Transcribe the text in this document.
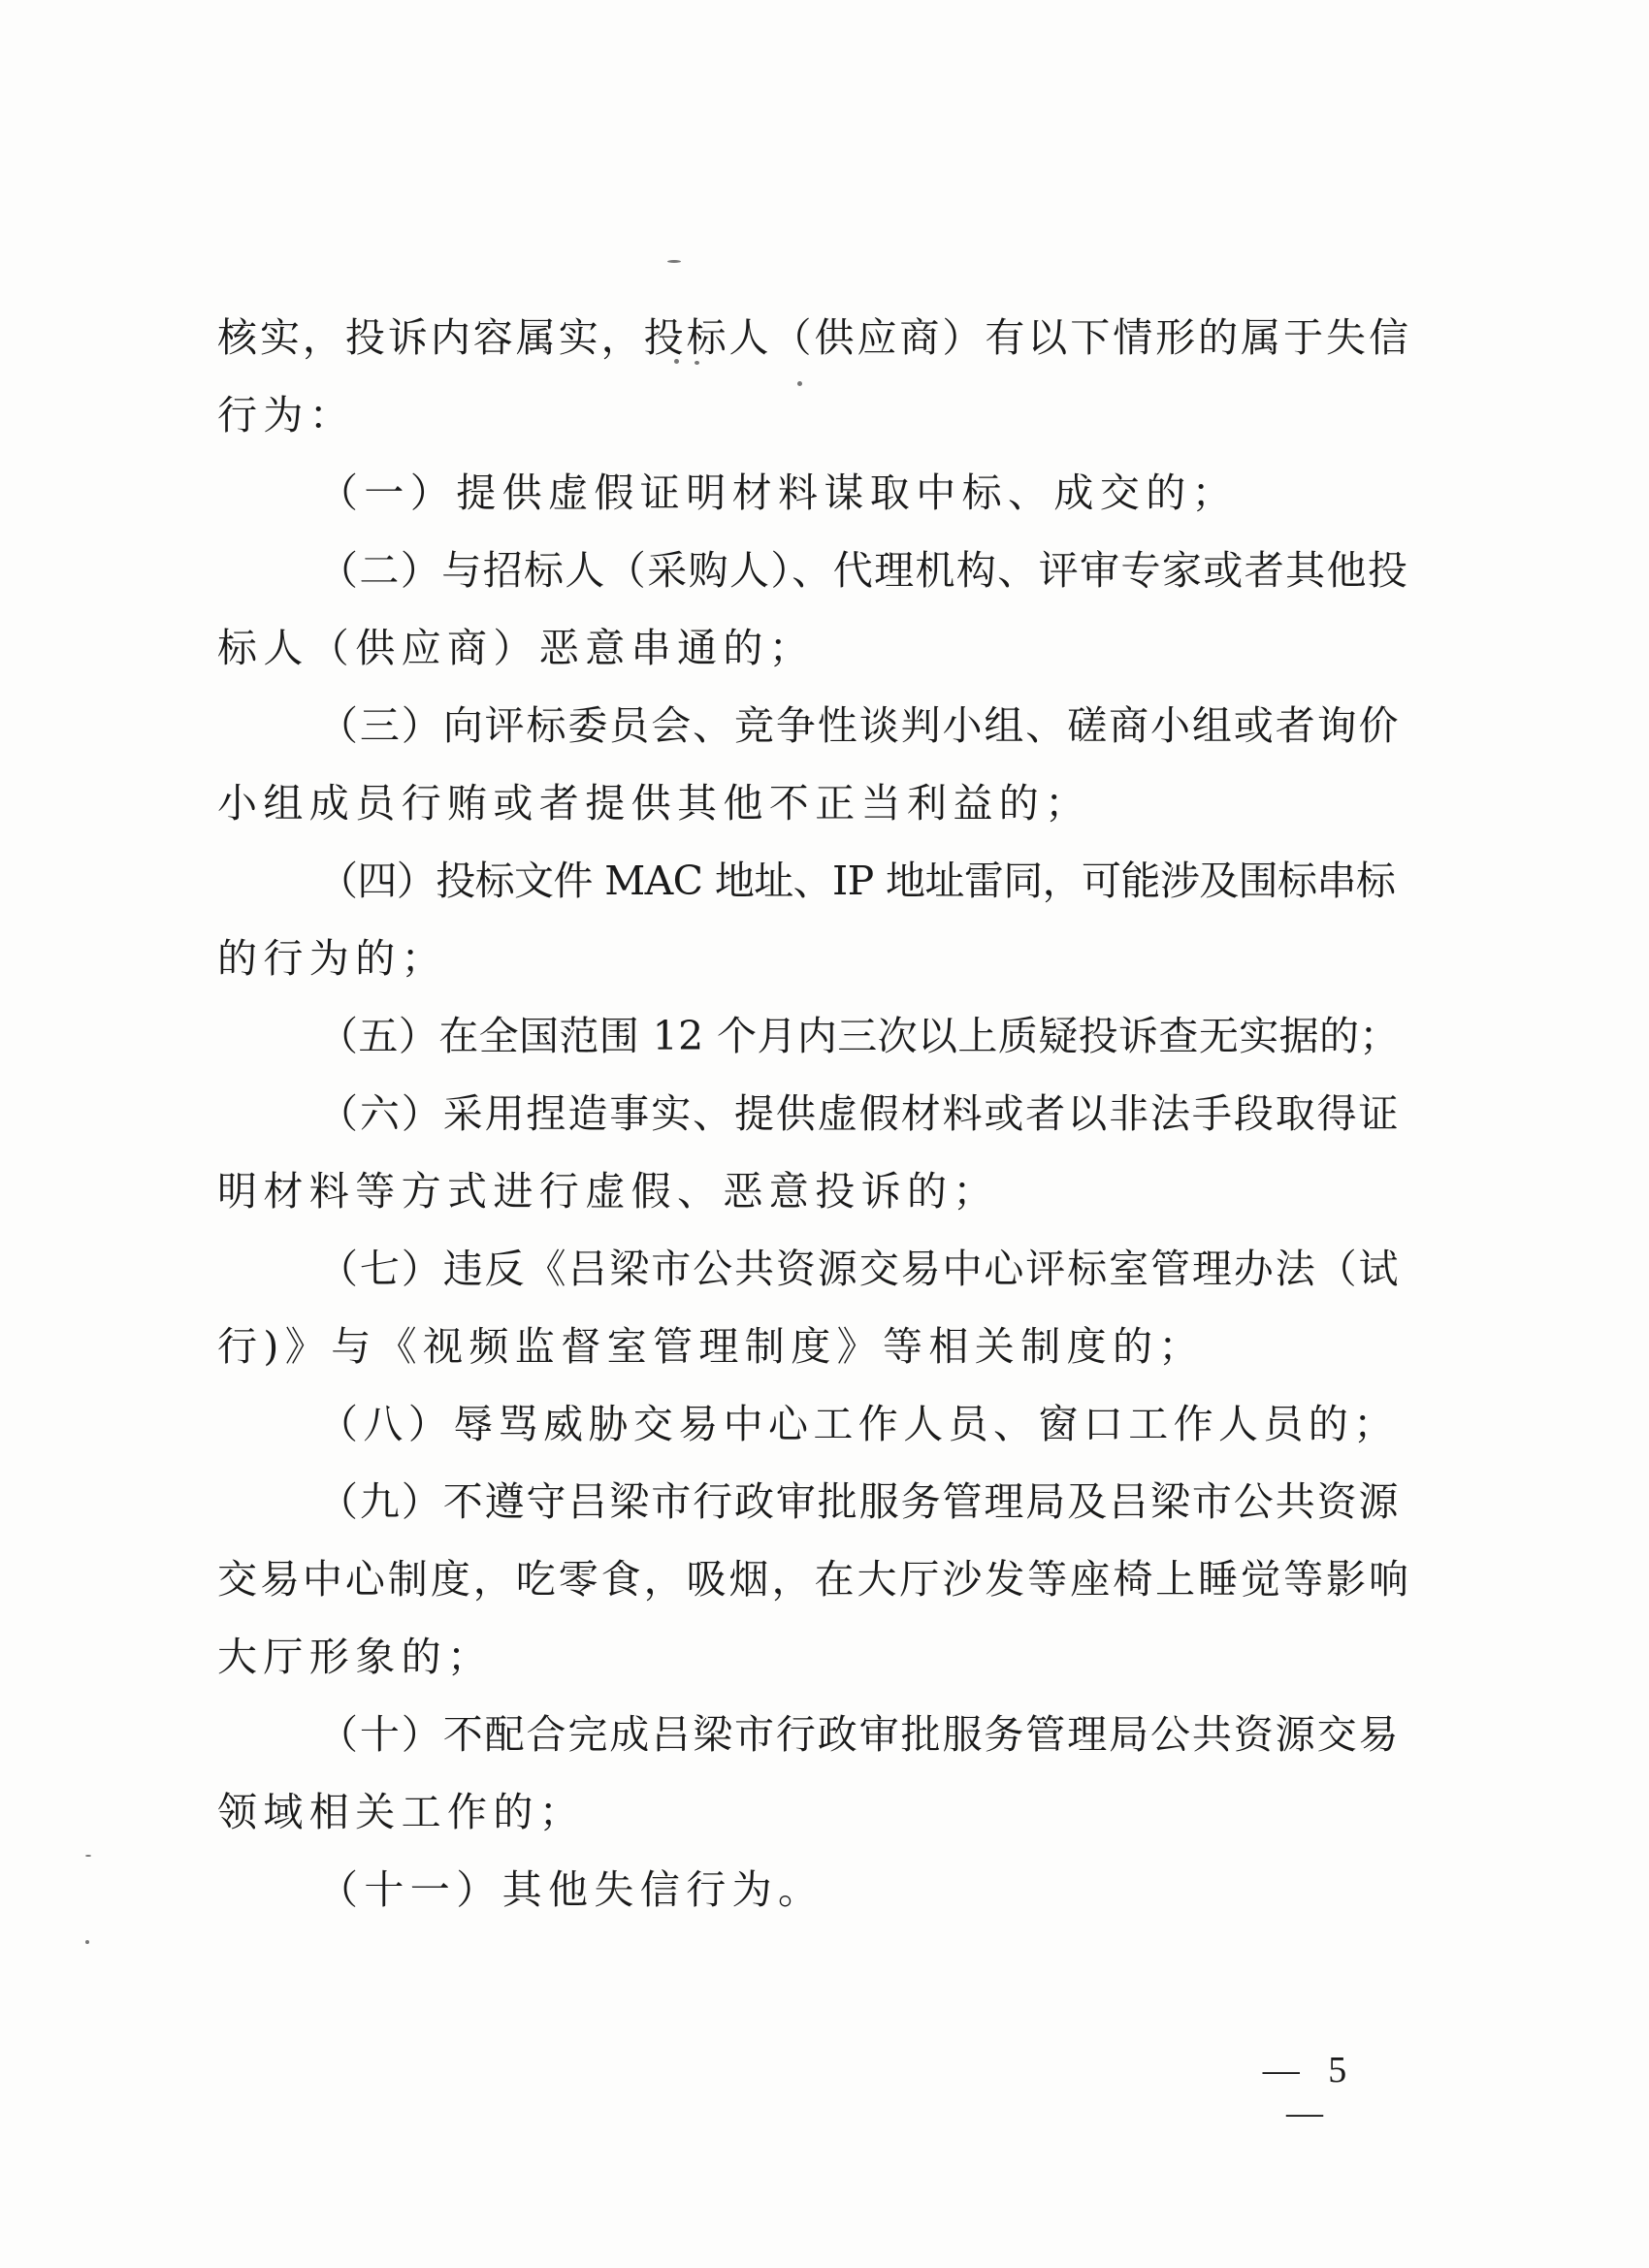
核实，投诉内容属实，投标人（供应商）有以下情形的属于失信
行为：
（一）提供虚假证明材料谋取中标、成交的；
（二）与招标人（采购人）、代理机构、评审专家或者其他投
标人（供应商）恶意串通的；
（三）向评标委员会、竞争性谈判小组、磋商小组或者询价
小组成员行贿或者提供其他不正当利益的；
（四）投标文件 MAC 地址、IP 地址雷同，可能涉及围标串标
的行为的；
（五）在全国范围 12 个月内三次以上质疑投诉查无实据的；
（六）采用捏造事实、提供虚假材料或者以非法手段取得证
明材料等方式进行虚假、恶意投诉的；
（七）违反《吕梁市公共资源交易中心评标室管理办法（试
行)》与《视频监督室管理制度》等相关制度的；
（八）辱骂威胁交易中心工作人员、窗口工作人员的；
（九）不遵守吕梁市行政审批服务管理局及吕梁市公共资源
交易中心制度，吃零食，吸烟，在大厅沙发等座椅上睡觉等影响
大厅形象的；
（十）不配合完成吕梁市行政审批服务管理局公共资源交易
领域相关工作的；
（十一）其他失信行为。
— 5 —
